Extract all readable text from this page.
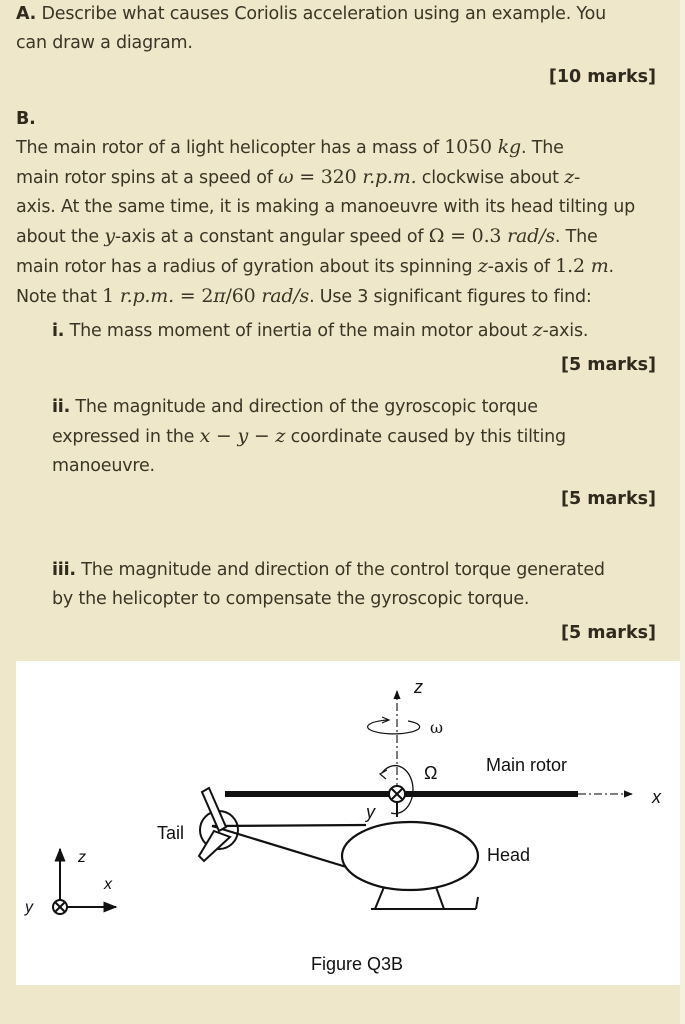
A. Describe what causes Coriolis acceleration using an example. You
can draw a diagram.
[10 marks]
B.
The main rotor of a light helicopter has a mass of 1050 kg. The
main rotor spins at a speed of ω = 320 r.p.m. clockwise about z-
axis. At the same time, it is making a manoeuvre with its head tilting up
about the y-axis at a constant angular speed of Ω = 0.3 rad/s. The
main rotor has a radius of gyration about its spinning z-axis of 1.2 m.
Note that 1 r.p.m. = 2π/60 rad/s. Use 3 significant figures to find:
i. The mass moment of inertia of the main motor about z-axis.
[5 marks]
ii. The magnitude and direction of the gyroscopic torque
expressed in the x − y − z coordinate caused by this tilting
manoeuvre.
[5 marks]
iii. The magnitude and direction of the control torque generated
by the helicopter to compensate the gyroscopic torque.
[5 marks]
z
ω
Ω
x
Main rotor
y
Tail
Head
z
x
y
Figure Q3B
